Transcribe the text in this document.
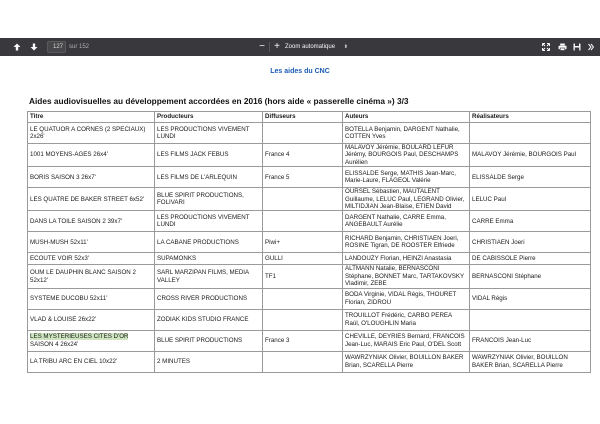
127
sur 152	− + Zoom automatique ⬍
Les aides du CNC
Aides audiovisuelles au développement accordées en 2016 (hors aide « passerelle cinéma ») 3/3
Titre	Producteurs	Diffuseurs	Auteurs	Réalisateurs
LE QUATUOR A CORNES (2 SPECIAUX) 2x26'	LES PRODUCTIONS VIVEMENT LUNDI		BOTELLA Benjamin, DARGENT Nathalie, COTTEN Yves	
1001 MOYENS-AGES 26x4'	LES FILMS JACK FEBUS	France 4	MALAVOY Jérémie, BOULARD LEFUR Jérémy, BOURGOIS Paul, DESCHAMPS Aurélien	MALAVOY Jérémie, BOURGOIS Paul
BORIS SAISON 3 26x7'	LES FILMS DE L'ARLEQUIN	France 5	ELISSALDE Serge, MATHIS Jean-Marc, Marie-Laure, FLAGEOL Valérie	ELISSALDE Serge
LES QUATRE DE BAKER STREET 6x52'	BLUE SPIRIT PRODUCTIONS, FOLIVARI		OURSEL Sébastien, MAUTALENT Guillaume, LELUC Paul, LEGRAND Olivier, MILTIDJIAN Jean-Blaise, ETIEN David	LELUC Paul
DANS LA TOILE SAISON 2 39x7'	LES PRODUCTIONS VIVEMENT LUNDI		DARGENT Nathalie, CARRE Emma, ANGEBAULT Aurélie	CARRE Emma
MUSH-MUSH 52x11'	LA CABANE PRODUCTIONS	Piwi+	RICHARD Benjamin, CHRISTIAEN Joeri, ROSINE Tigran, DE ROOSTER Elfriede	CHRISTIAEN Joeri
ECOUTE VOIR 52x3'	SUPAMONKS	GULLI	LANDOUZY Florian, HEINZI Anastasia	DE CABISSOLE Pierre
OUM LE DAUPHIN BLANC SAISON 2 52x12'	SARL MARZIPAN FILMS, MEDIA VALLEY	TF1	ALTMANN Natalie, BERNASCONI Stéphane, BONNET Marc, TARTAKOVSKY Vladimir, ZEBE	BERNASCONI Stéphane
SYSTEME DUCOBU 52x11'	CROSS RIVER PRODUCTIONS		BODA Virginie, VIDAL Régis, THOURET Florian, ZIDROU	VIDAL Régis
VLAD & LOUISE 26x22'	ZODIAK KIDS STUDIO FRANCE		TROUILLOT Frédéric, CARBO PEREA Raúl, O'LOUGHLIN Maria	
LES MYSTERIEUSES CITES D'OR
SAISON 4 26x24'	BLUE SPIRIT PRODUCTIONS	France 3	CHEVILLE, DEYRIES Bernard, FRANCOIS Jean-Luc, MARAIS Eric Paul, O'DEL Scott	FRANCOIS Jean-Luc
LA TRIBU ARC EN CIEL 10x22'	2 MINUTES		WAWRZYNIAK Olivier, BOUILLON BAKER Brian, SCARELLA Pierre	WAWRZYNIAK Olivier, BOUILLON BAKER Brian, SCARELLA Pierre
